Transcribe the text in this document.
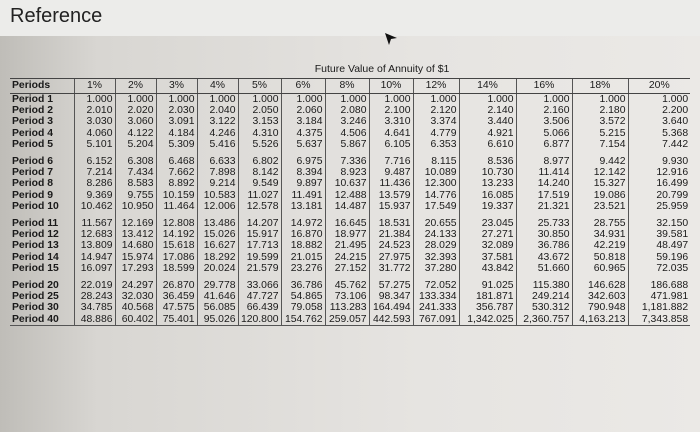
Reference
	Future Value of Annuity of $1												
Periods	1%	2%	3%	4%	5%	6%	8%	10%	12%	14%	16%	18%	20%
Period 1	1.000	1.000	1.000	1.000	1.000	1.000	1.000	1.000	1.000	1.000	1.000	1.000	1.000
Period 2	2.010	2.020	2.030	2.040	2.050	2.060	2.080	2.100	2.120	2.140	2.160	2.180	2.200
Period 3	3.030	3.060	3.091	3.122	3.153	3.184	3.246	3.310	3.374	3.440	3.506	3.572	3.640
Period 4	4.060	4.122	4.184	4.246	4.310	4.375	4.506	4.641	4.779	4.921	5.066	5.215	5.368
Period 5	5.101	5.204	5.309	5.416	5.526	5.637	5.867	6.105	6.353	6.610	6.877	7.154	7.442
Period 6	6.152	6.308	6.468	6.633	6.802	6.975	7.336	7.716	8.115	8.536	8.977	9.442	9.930
Period 7	7.214	7.434	7.662	7.898	8.142	8.394	8.923	9.487	10.089	10.730	11.414	12.142	12.916
Period 8	8.286	8.583	8.892	9.214	9.549	9.897	10.637	11.436	12.300	13.233	14.240	15.327	16.499
Period 9	9.369	9.755	10.159	10.583	11.027	11.491	12.488	13.579	14.776	16.085	17.519	19.086	20.799
Period 10	10.462	10.950	11.464	12.006	12.578	13.181	14.487	15.937	17.549	19.337	21.321	23.521	25.959
Period 11	11.567	12.169	12.808	13.486	14.207	14.972	16.645	18.531	20.655	23.045	25.733	28.755	32.150
Period 12	12.683	13.412	14.192	15.026	15.917	16.870	18.977	21.384	24.133	27.271	30.850	34.931	39.581
Period 13	13.809	14.680	15.618	16.627	17.713	18.882	21.495	24.523	28.029	32.089	36.786	42.219	48.497
Period 14	14.947	15.974	17.086	18.292	19.599	21.015	24.215	27.975	32.393	37.581	43.672	50.818	59.196
Period 15	16.097	17.293	18.599	20.024	21.579	23.276	27.152	31.772	37.280	43.842	51.660	60.965	72.035
Period 20	22.019	24.297	26.870	29.778	33.066	36.786	45.762	57.275	72.052	91.025	115.380	146.628	186.688
Period 25	28.243	32.030	36.459	41.646	47.727	54.865	73.106	98.347	133.334	181.871	249.214	342.603	471.981
Period 30	34.785	40.568	47.575	56.085	66.439	79.058	113.283	164.494	241.333	356.787	530.312	790.948	1,181.882
Period 40	48.886	60.402	75.401	95.026	120.800	154.762	259.057	442.593	767.091	1,342.025	2,360.757	4,163.213	7,343.858
